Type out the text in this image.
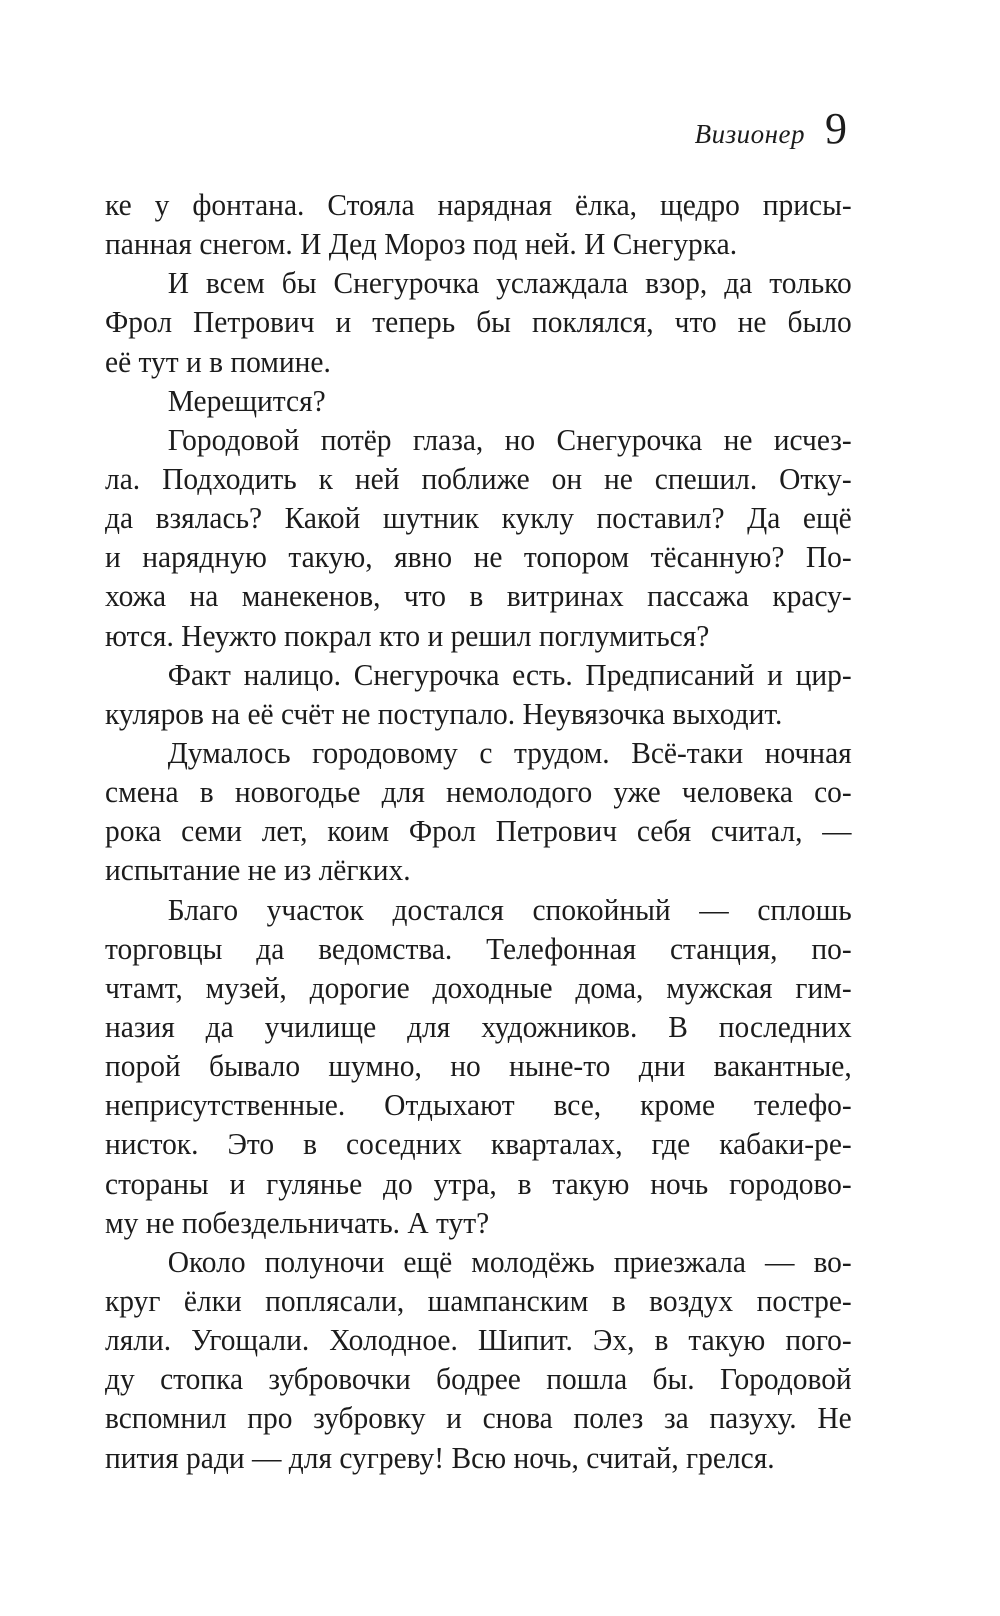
Визионер 9
ке у фонтана. Стояла нарядная ёлка, щедро присы-
панная снегом. И Дед Мороз под ней. И Снегурка.
И всем бы Снегурочка услаждала взор, да только
Фрол Петрович и теперь бы поклялся, что не было
её тут и в помине.
Мерещится?
Городовой потёр глаза, но Снегурочка не исчез-
ла. Подходить к ней поближе он не спешил. Отку-
да взялась? Какой шутник куклу поставил? Да ещё
и нарядную такую, явно не топором тёсанную? По-
хожа на манекенов, что в витринах пассажа красу-
ются. Неужто покрал кто и решил поглумиться?
Факт налицо. Снегурочка есть. Предписаний и цир-
куляров на её счёт не поступало. Неувязочка выходит.
Думалось городовому с трудом. Всё-таки ночная
смена в новогодье для немолодого уже человека со-
рока семи лет, коим Фрол Петрович себя считал, —
испытание не из лёгких.
Благо участок достался спокойный — сплошь
торговцы да ведомства. Телефонная станция, по-
чтамт, музей, дорогие доходные дома, мужская гим-
назия да училище для художников. В последних
порой бывало шумно, но ныне-то дни вакантные,
неприсутственные. Отдыхают все, кроме телефо-
нисток. Это в соседних кварталах, где кабаки-ре-
стораны и гулянье до утра, в такую ночь городово-
му не побездельничать. А тут?
Около полуночи ещё молодёжь приезжала — во-
круг ёлки поплясали, шампанским в воздух постре-
ляли. Угощали. Холодное. Шипит. Эх, в такую пого-
ду стопка зубровочки бодрее пошла бы. Городовой
вспомнил про зубровку и снова полез за пазуху. Не
пития ради — для сугреву! Всю ночь, считай, грелся.
